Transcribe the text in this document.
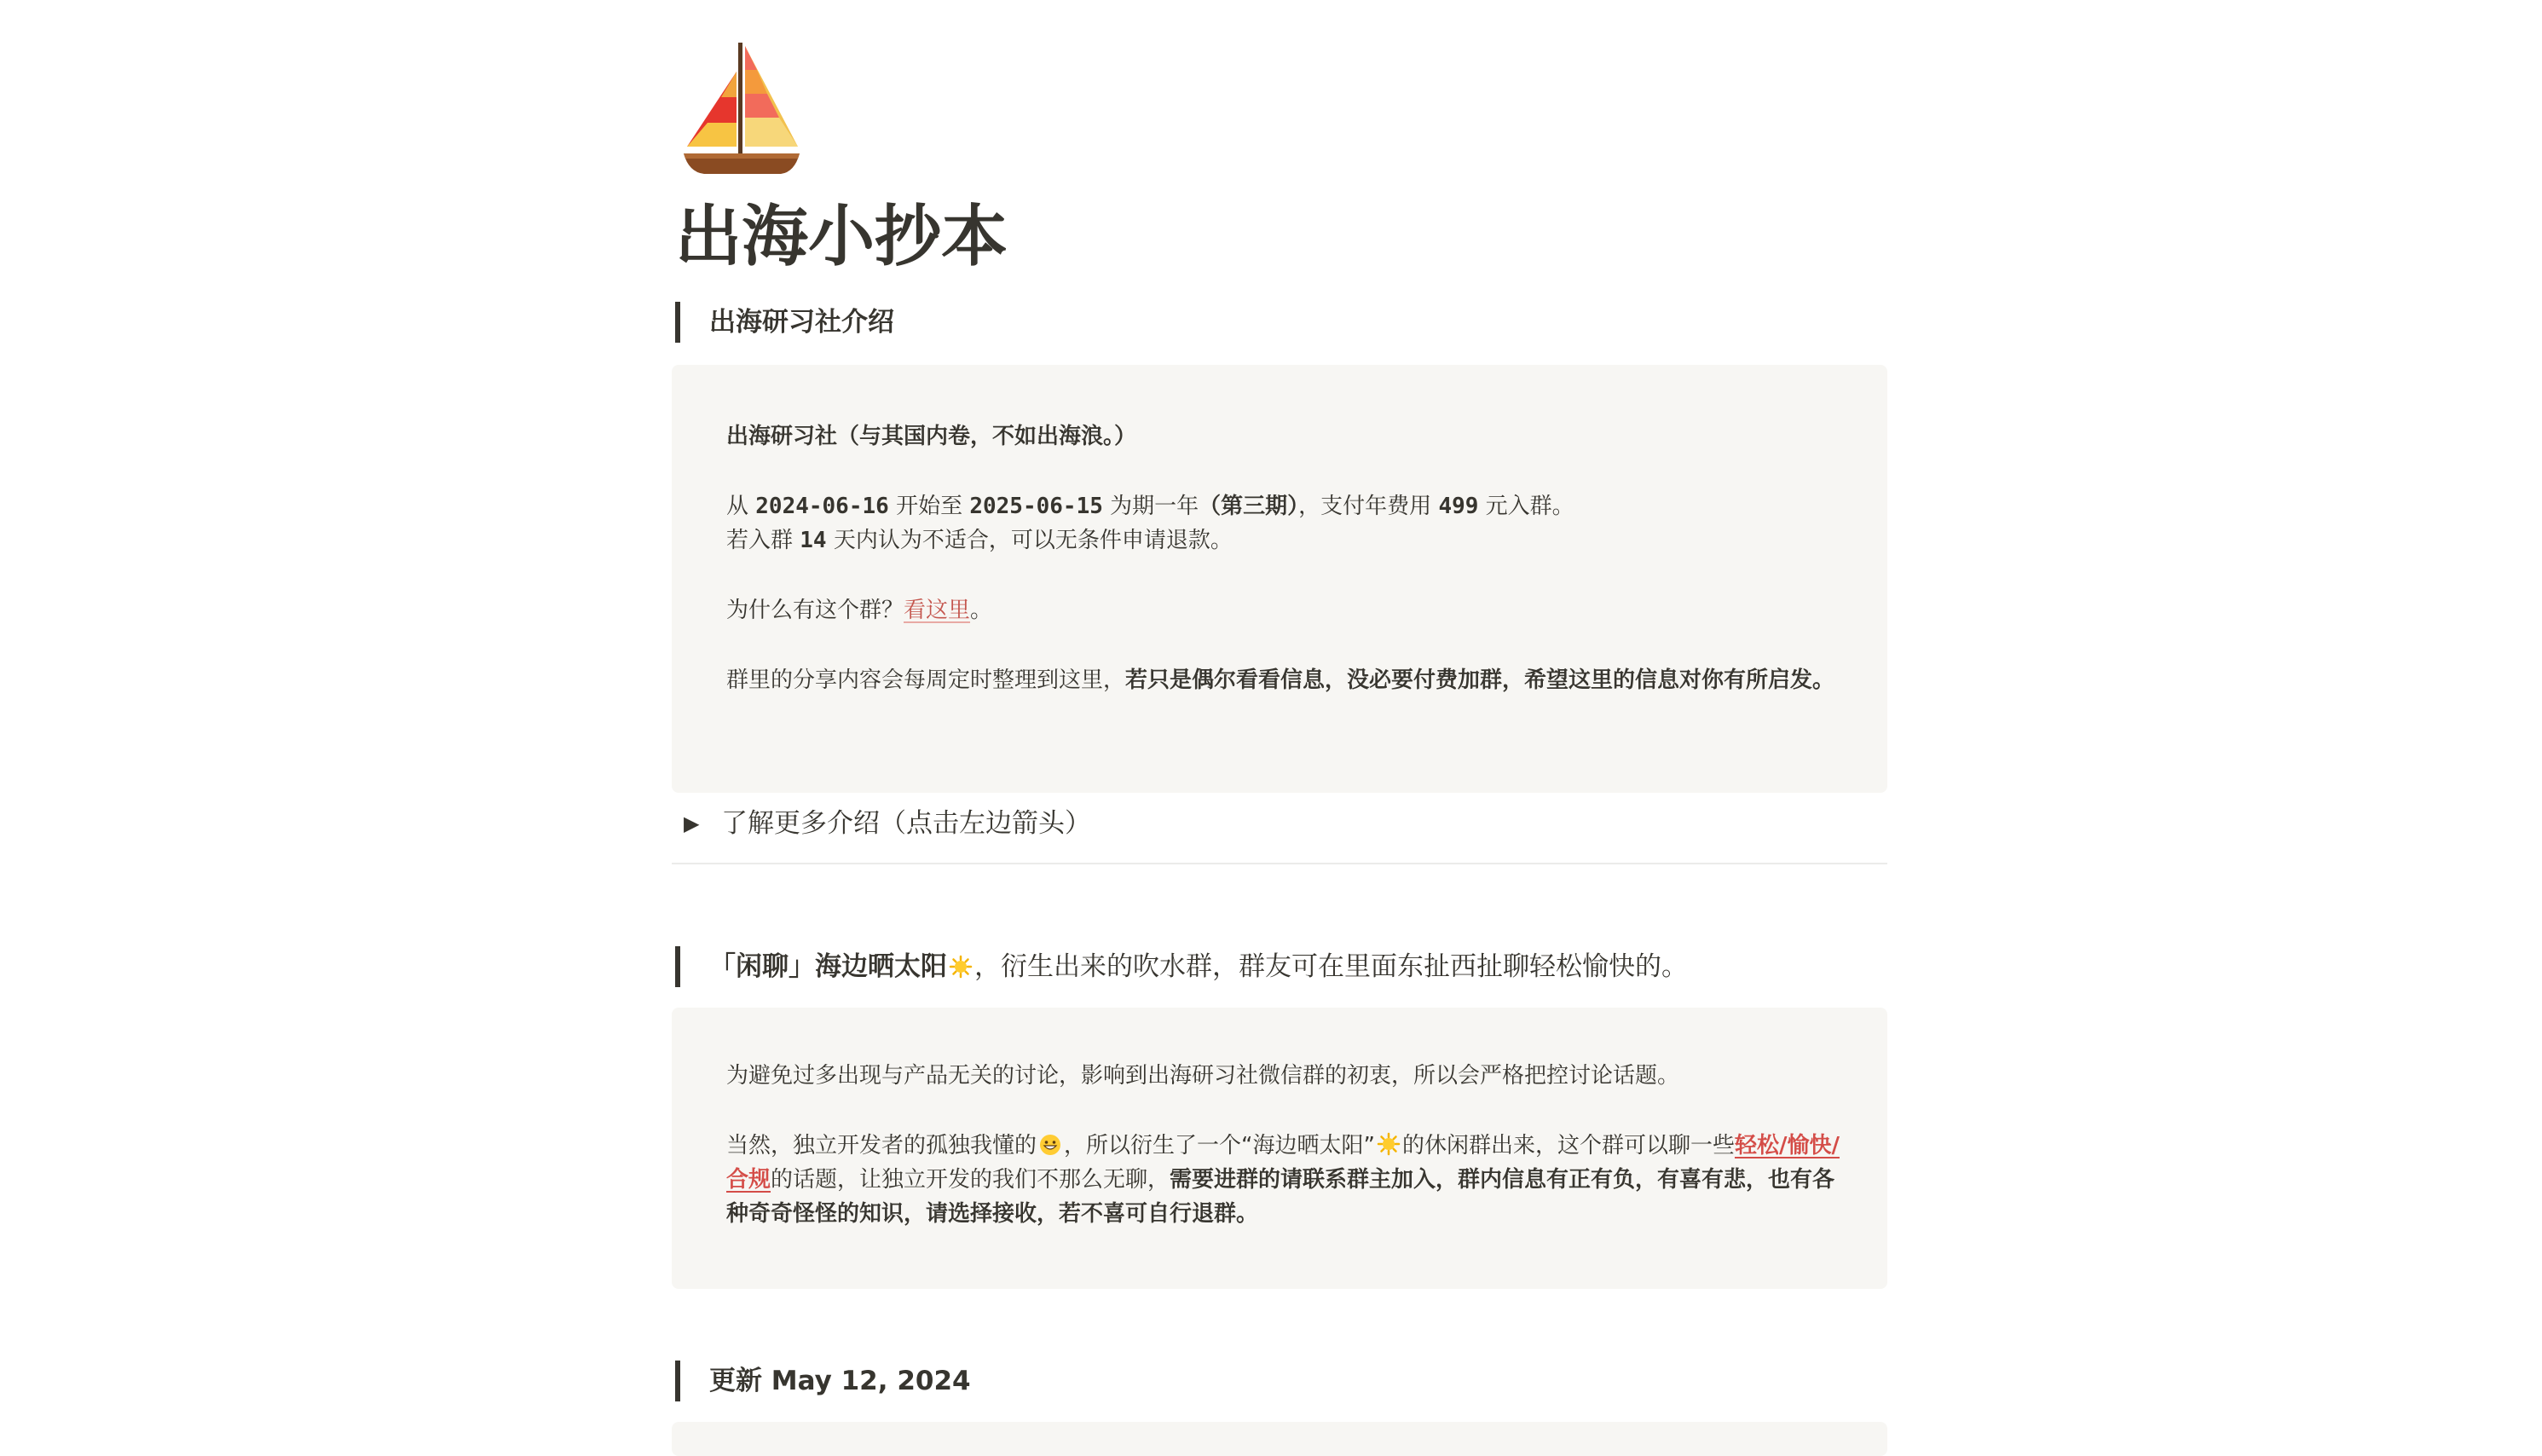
出海小抄本
出海研习社介绍

出海研习社（与其国内卷，不如出海浪。）

从 2024-06-16 开始至 2025-06-15 为期一年（第三期），支付年费用 499 元入群。

若入群 14 天内认为不适合，可以无条件申请退款。

为什么有这个群？看这里。

群里的分享内容会每周定时整理到这里，若只是偶尔看看信息，没必要付费加群，希望这里的信息对你有所启发。

▶ 了解更多介绍（点击左边箭头）
「闲聊」海边晒太阳 ，衍生出来的吹水群，群友可在里面东扯西扯聊轻松愉快的。

为避免过多出现与产品无关的讨论，影响到出海研习社微信群的初衷，所以会严格把控讨论话题。

当然，独立开发者的孤独我懂的 ，所以衍生了一个“海边晒太阳” 的休闲群出来，这个群可以聊一些轻松/愉快/合规的话题，让独立开发的我们不那么无聊，需要进群的请联系群主加入，群内信息有正有负，有喜有悲，也有各种奇奇怪怪的知识，请选择接收，若不喜可自行退群。

更新 May 12, 2024
